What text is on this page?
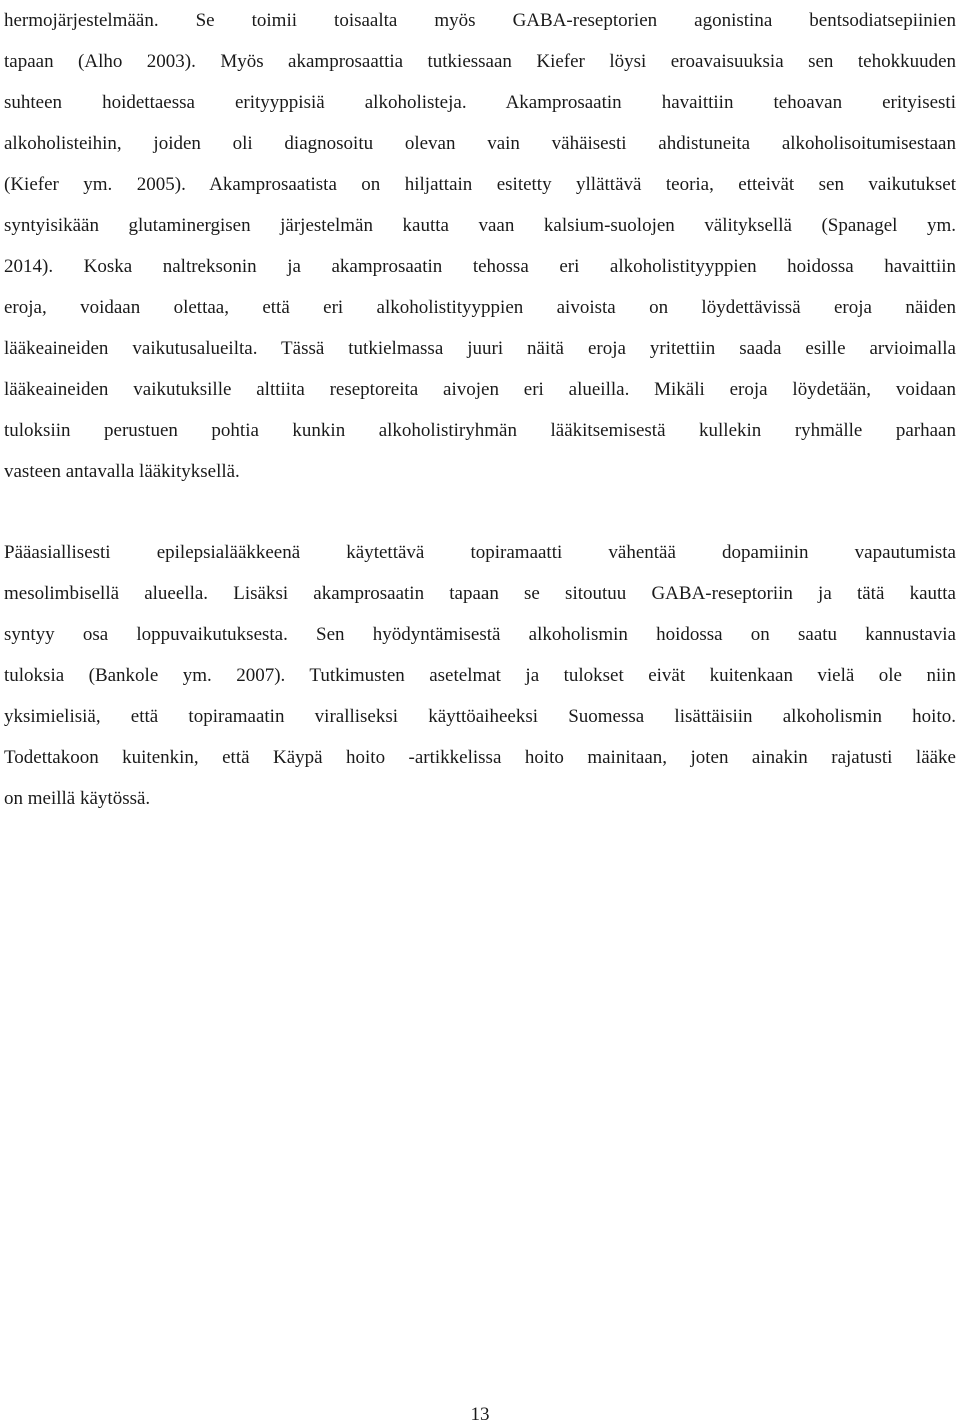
hermojärjestelmään. Se toimii toisaalta myös GABA-reseptorien agonistina bentsodiatsepiinien
tapaan (Alho 2003). Myös akamprosaattia tutkiessaan Kiefer löysi eroavaisuuksia sen tehokkuuden
suhteen hoidettaessa erityyppisiä alkoholisteja. Akamprosaatin havaittiin tehoavan erityisesti
alkoholisteihin, joiden oli diagnosoitu olevan vain vähäisesti ahdistuneita alkoholisoitumisestaan
(Kiefer ym. 2005). Akamprosaatista on hiljattain esitetty yllättävä teoria, etteivät sen vaikutukset
syntyisikään glutaminergisen järjestelmän kautta vaan kalsium-suolojen välityksellä (Spanagel ym.
2014). Koska naltreksonin ja akamprosaatin tehossa eri alkoholistityyppien hoidossa havaittiin
eroja, voidaan olettaa, että eri alkoholistityyppien aivoista on löydettävissä eroja näiden
lääkeaineiden vaikutusalueilta. Tässä tutkielmassa juuri näitä eroja yritettiin saada esille arvioimalla
lääkeaineiden vaikutuksille alttiita reseptoreita aivojen eri alueilla. Mikäli eroja löydetään, voidaan
tuloksiin perustuen pohtia kunkin alkoholistiryhmän lääkitsemisestä kullekin ryhmälle parhaan
vasteen antavalla lääkityksellä.
Pääasiallisesti epilepsialääkkeenä käytettävä topiramaatti vähentää dopamiinin vapautumista
mesolimbisellä alueella. Lisäksi akamprosaatin tapaan se sitoutuu GABA-reseptoriin ja tätä kautta
syntyy osa loppuvaikutuksesta. Sen hyödyntämisestä alkoholismin hoidossa on saatu kannustavia
tuloksia (Bankole ym. 2007). Tutkimusten asetelmat ja tulokset eivät kuitenkaan vielä ole niin
yksimielisiä, että topiramaatin viralliseksi käyttöaiheeksi Suomessa lisättäisiin alkoholismin hoito.
Todettakoon kuitenkin, että Käypä hoito -artikkelissa hoito mainitaan, joten ainakin rajatusti lääke
on meillä käytössä.
13
